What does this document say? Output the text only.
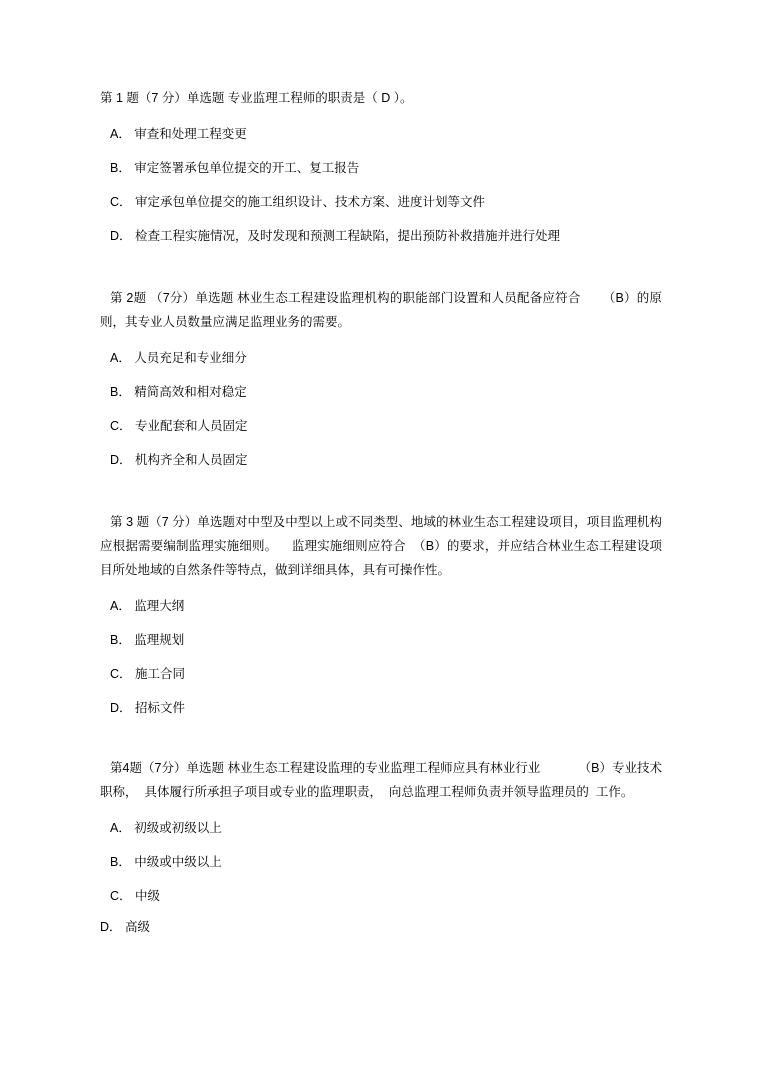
第 1 题（7 分）单选题 专业监理工程师的职责是（ D ）。
A． 审查和处理工程变更
B． 审定签署承包单位提交的开工、复工报告
C． 审定承包单位提交的施工组织设计、技术方案、进度计划等文件
D． 检查工程实施情况，及时发现和预测工程缺陷，提出预防补救措施并进行处理
第 2题 （7分）单选题 林业生态工程建设监理机构的职能部门设置和人员配备应符合      （B）的原则，其专业人员数量应满足监理业务的需要。
A． 人员充足和专业细分
B． 精简高效和相对稳定
C． 专业配套和人员固定
D． 机构齐全和人员固定
第 3 题（7 分）单选题对中型及中型以上或不同类型、地域的林业生态工程建设项目，项目监理机构应根据需要编制监理实施细则。    监理实施细则应符合  （B）的要求，并应结合林业生态工程建设项目所处地域的自然条件等特点，做到详细具体，具有可操作性。
A． 监理大纲
B． 监理规划
C． 施工合同
D． 招标文件
第4题（7分）单选题 林业生态工程建设监理的专业监理工程师应具有林业行业           （B）专业技术职称，  具体履行所承担子项目或专业的监理职责，  向总监理工程师负责并领导监理员的  工作。
A． 初级或初级以上
B． 中级或中级以上
C． 中级
D． 高级
